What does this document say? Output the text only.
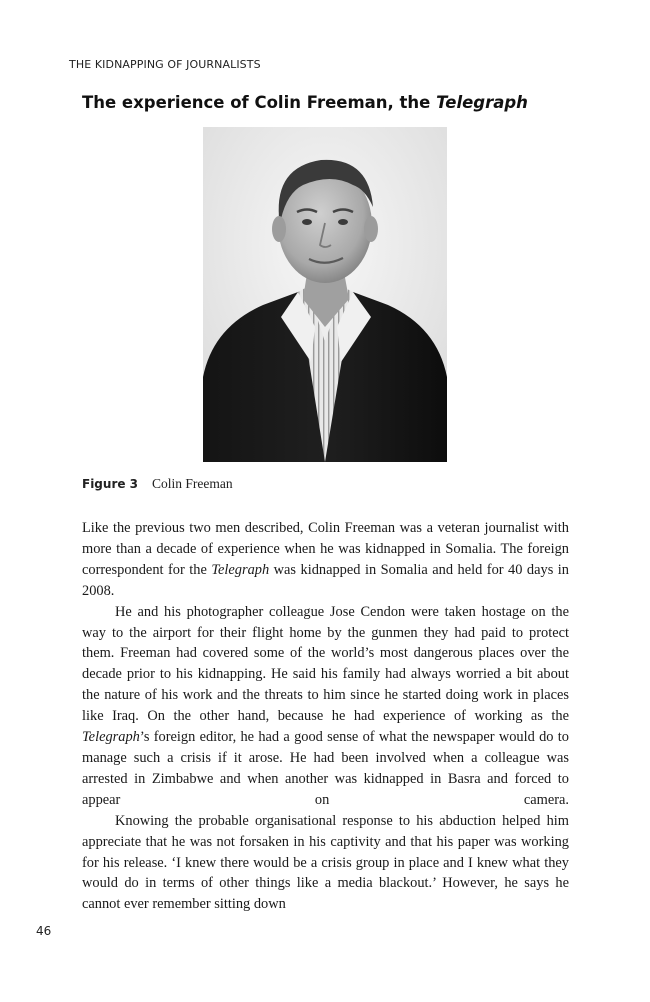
THE KIDNAPPING OF JOURNALISTS
The experience of Colin Freeman, the Telegraph
Figure 3 Colin Freeman

Like the previous two men described, Colin Freeman was a veteran journalist with more than a decade of experience when he was kidnapped in Somalia. The foreign correspondent for the Telegraph was kidnapped in Somalia and held for 40 days in 2008.

He and his photographer colleague Jose Cendon were taken hostage on the way to the airport for their flight home by the gunmen they had paid to protect them. Freeman had covered some of the world’s most dangerous places over the decade prior to his kidnapping. He said his family had always worried a bit about the nature of his work and the threats to him since he started doing work in places like Iraq. On the other hand, because he had experience of working as the Telegraph’s foreign editor, he had a good sense of what the newspaper would do to manage such a crisis if it arose. He had been involved when a colleague was arrested in Zimbabwe and when another was kidnapped in Basra and forced to appear on camera.

Knowing the probable organisational response to his abduction helped him appreciate that he was not forsaken in his captivity and that his paper was working for his release. ‘I knew there would be a crisis group in place and I knew what they would do in terms of other things like a media blackout.’ However, he says he cannot ever remember sitting down

46
